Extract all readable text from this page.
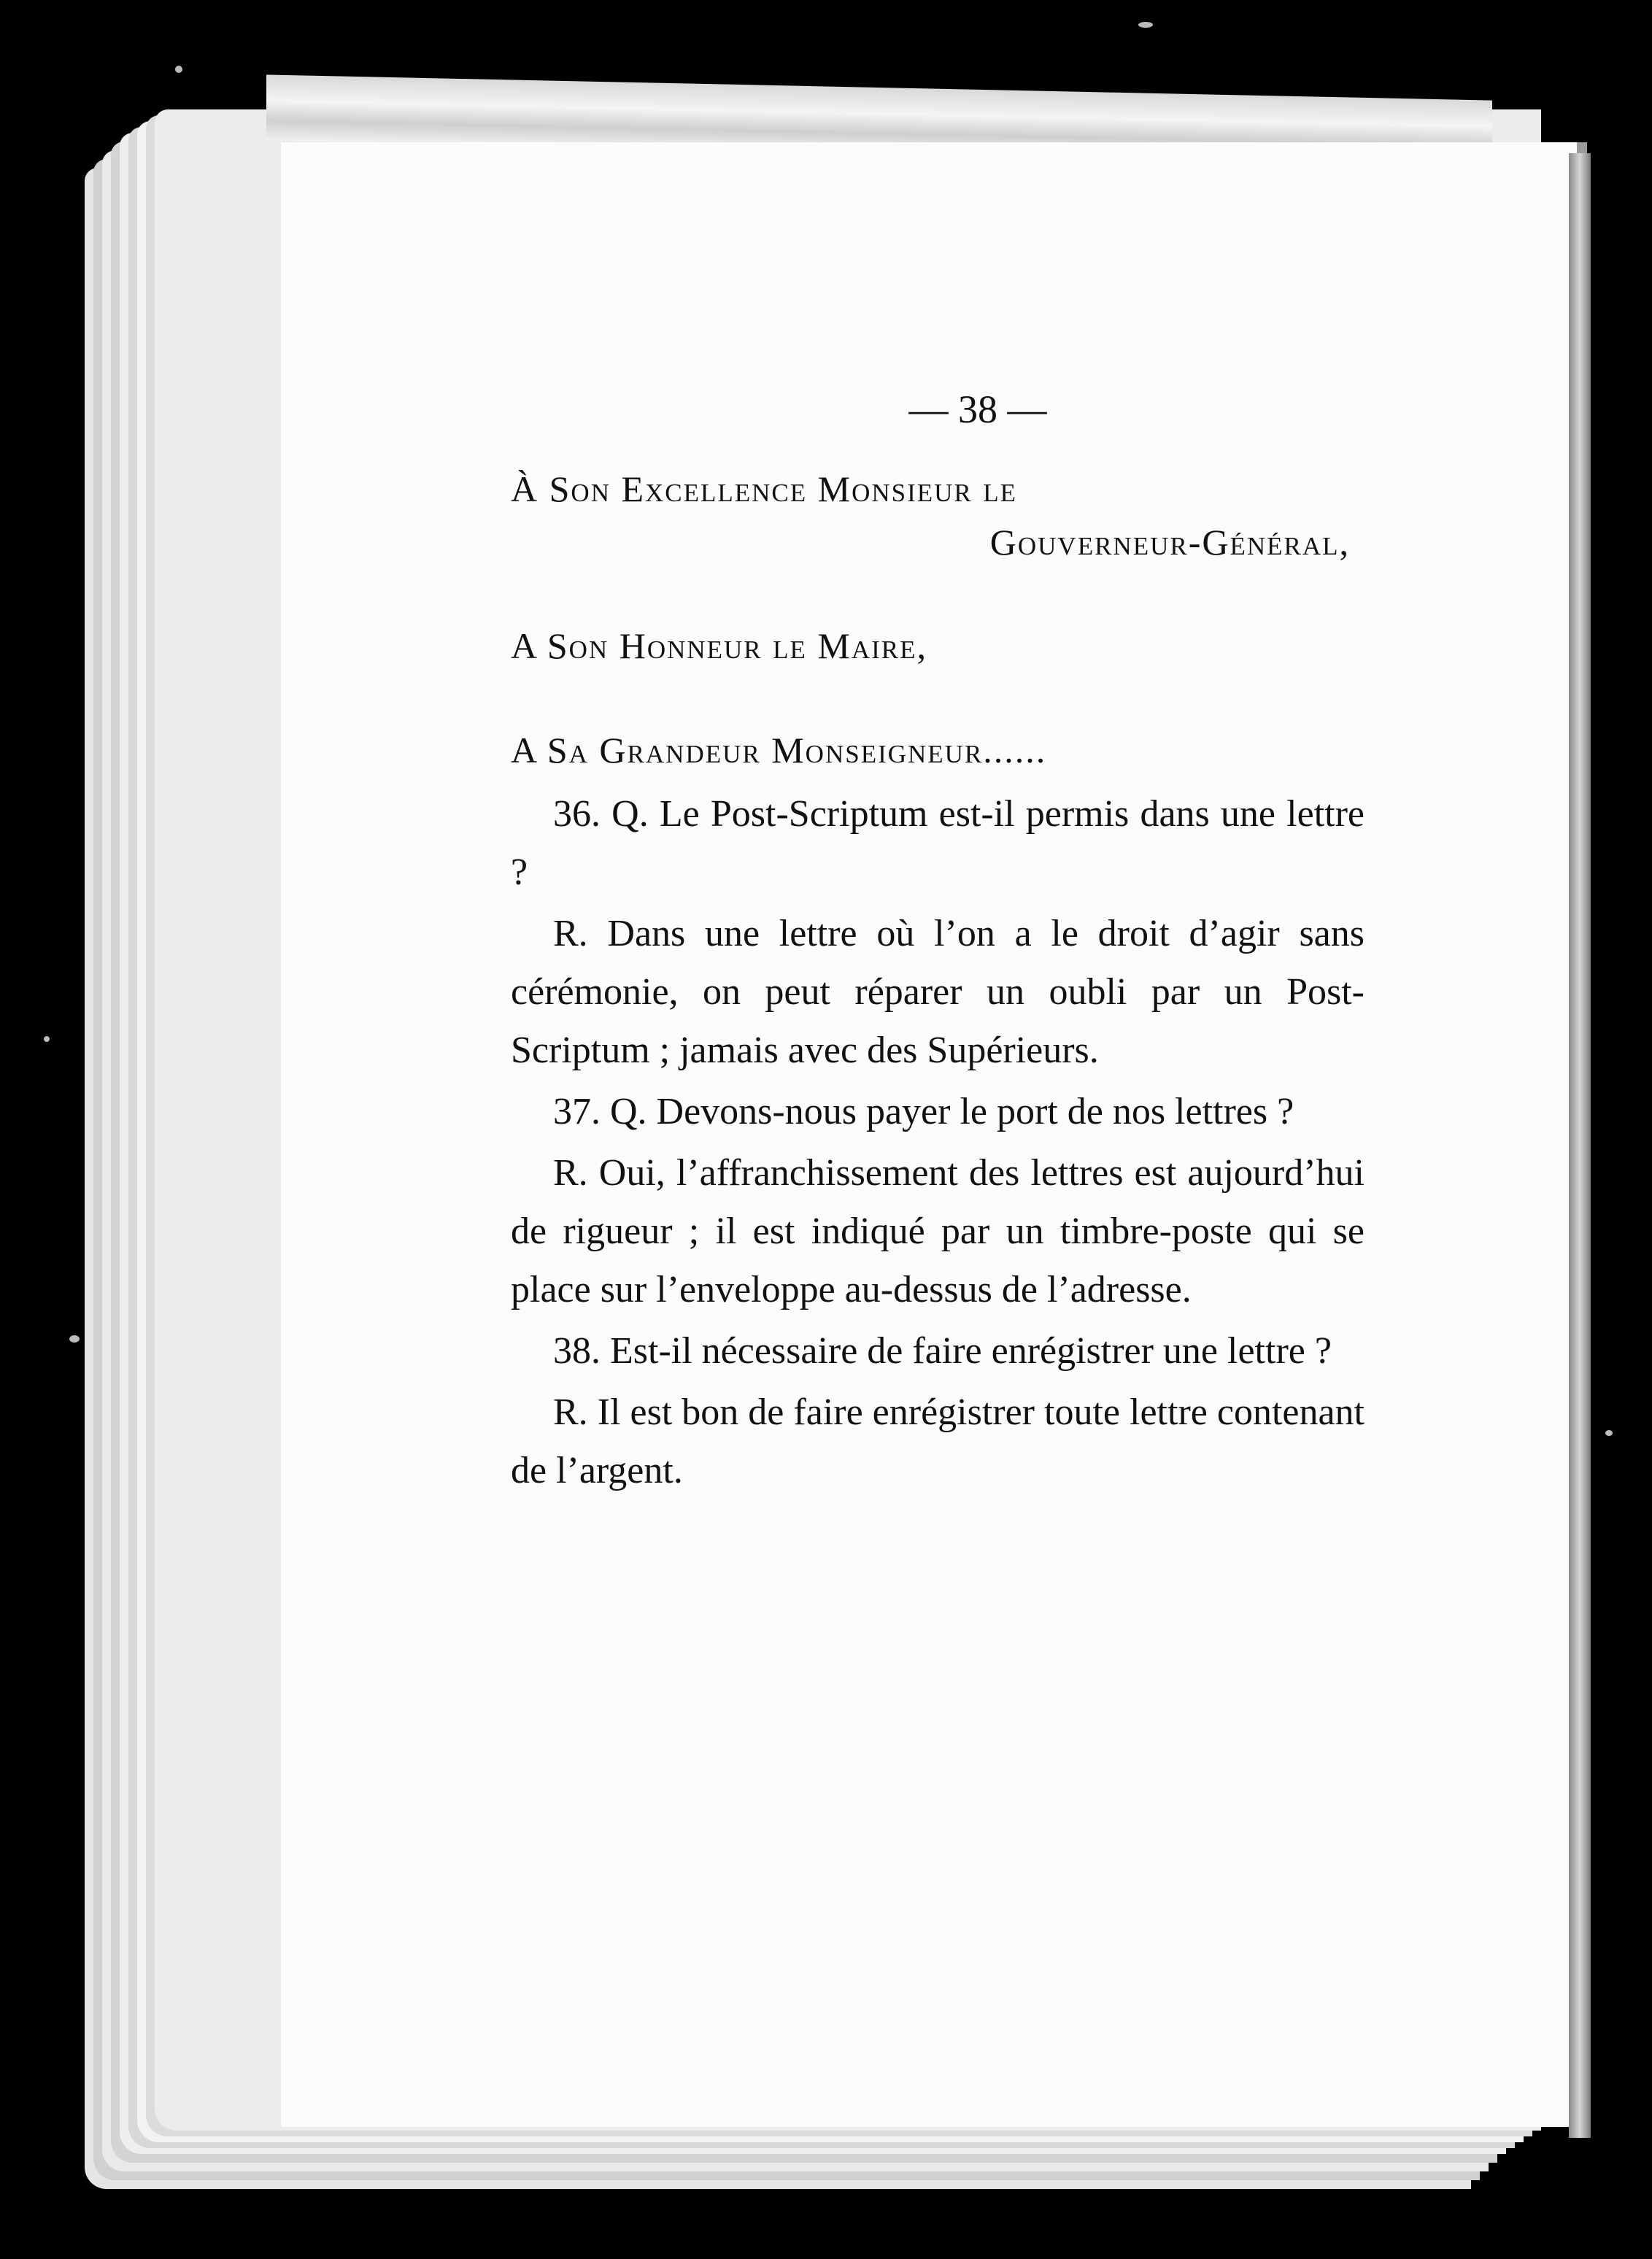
— 38 —

À Son Excellence Monsieur le

Gouverneur-Général,

A Son Honneur le Maire,

A Sa Grandeur Monseigneur......

36. Q. Le Post-Scriptum est-il permis dans une lettre ?

R. Dans une lettre où l’on a le droit d’agir sans cérémonie, on peut réparer un oubli par un Post-Scriptum ; jamais avec des Supérieurs.

37. Q. Devons-nous payer le port de nos lettres ?

R. Oui, l’affranchissement des lettres est aujourd’hui de rigueur ; il est indiqué par un timbre-poste qui se place sur l’enveloppe au-dessus de l’adresse.

38. Est-il nécessaire de faire enrégistrer une lettre ?

R. Il est bon de faire enrégistrer toute lettre contenant de l’argent.
